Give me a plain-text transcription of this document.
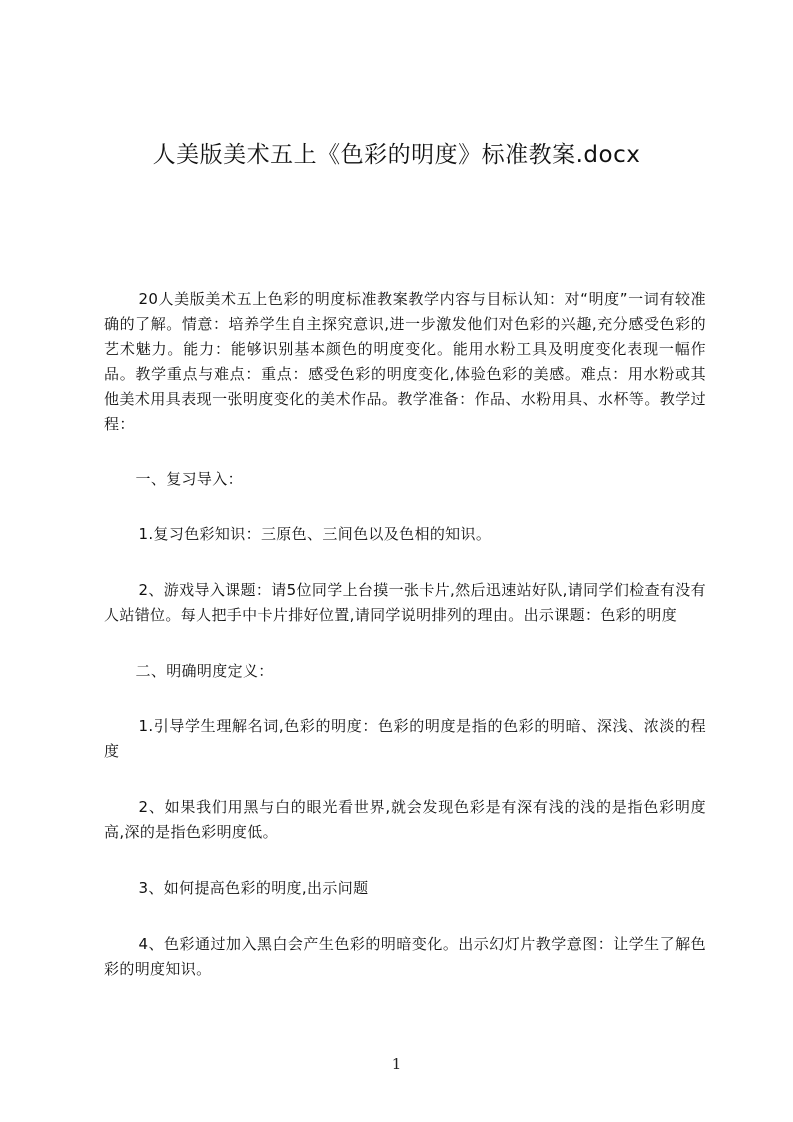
人美版美术五上《色彩的明度》标准教案.docx

20人美版美术五上色彩的明度标准教案教学内容与目标认知：对“明度”一词有较准确的了解。情意：培养学生自主探究意识,进一步激发他们对色彩的兴趣,充分感受色彩的艺术魅力。能力：能够识别基本颜色的明度变化。能用水粉工具及明度变化表现一幅作品。教学重点与难点：重点：感受色彩的明度变化,体验色彩的美感。难点：用水粉或其他美术用具表现一张明度变化的美术作品。教学准备：作品、水粉用具、水杯等。教学过程：

一、复习导入：

1.复习色彩知识：三原色、三间色以及色相的知识。

2、游戏导入课题：请5位同学上台摸一张卡片,然后迅速站好队,请同学们检查有没有人站错位。每人把手中卡片排好位置,请同学说明排列的理由。出示课题：色彩的明度

二、明确明度定义：

1.引导学生理解名词,色彩的明度：色彩的明度是指的色彩的明暗、深浅、浓淡的程度

2、如果我们用黑与白的眼光看世界,就会发现色彩是有深有浅的浅的是指色彩明度高,深的是指色彩明度低。

3、如何提高色彩的明度,出示问题

4、色彩通过加入黑白会产生色彩的明暗变化。出示幻灯片教学意图：让学生了解色彩的明度知识。

1
